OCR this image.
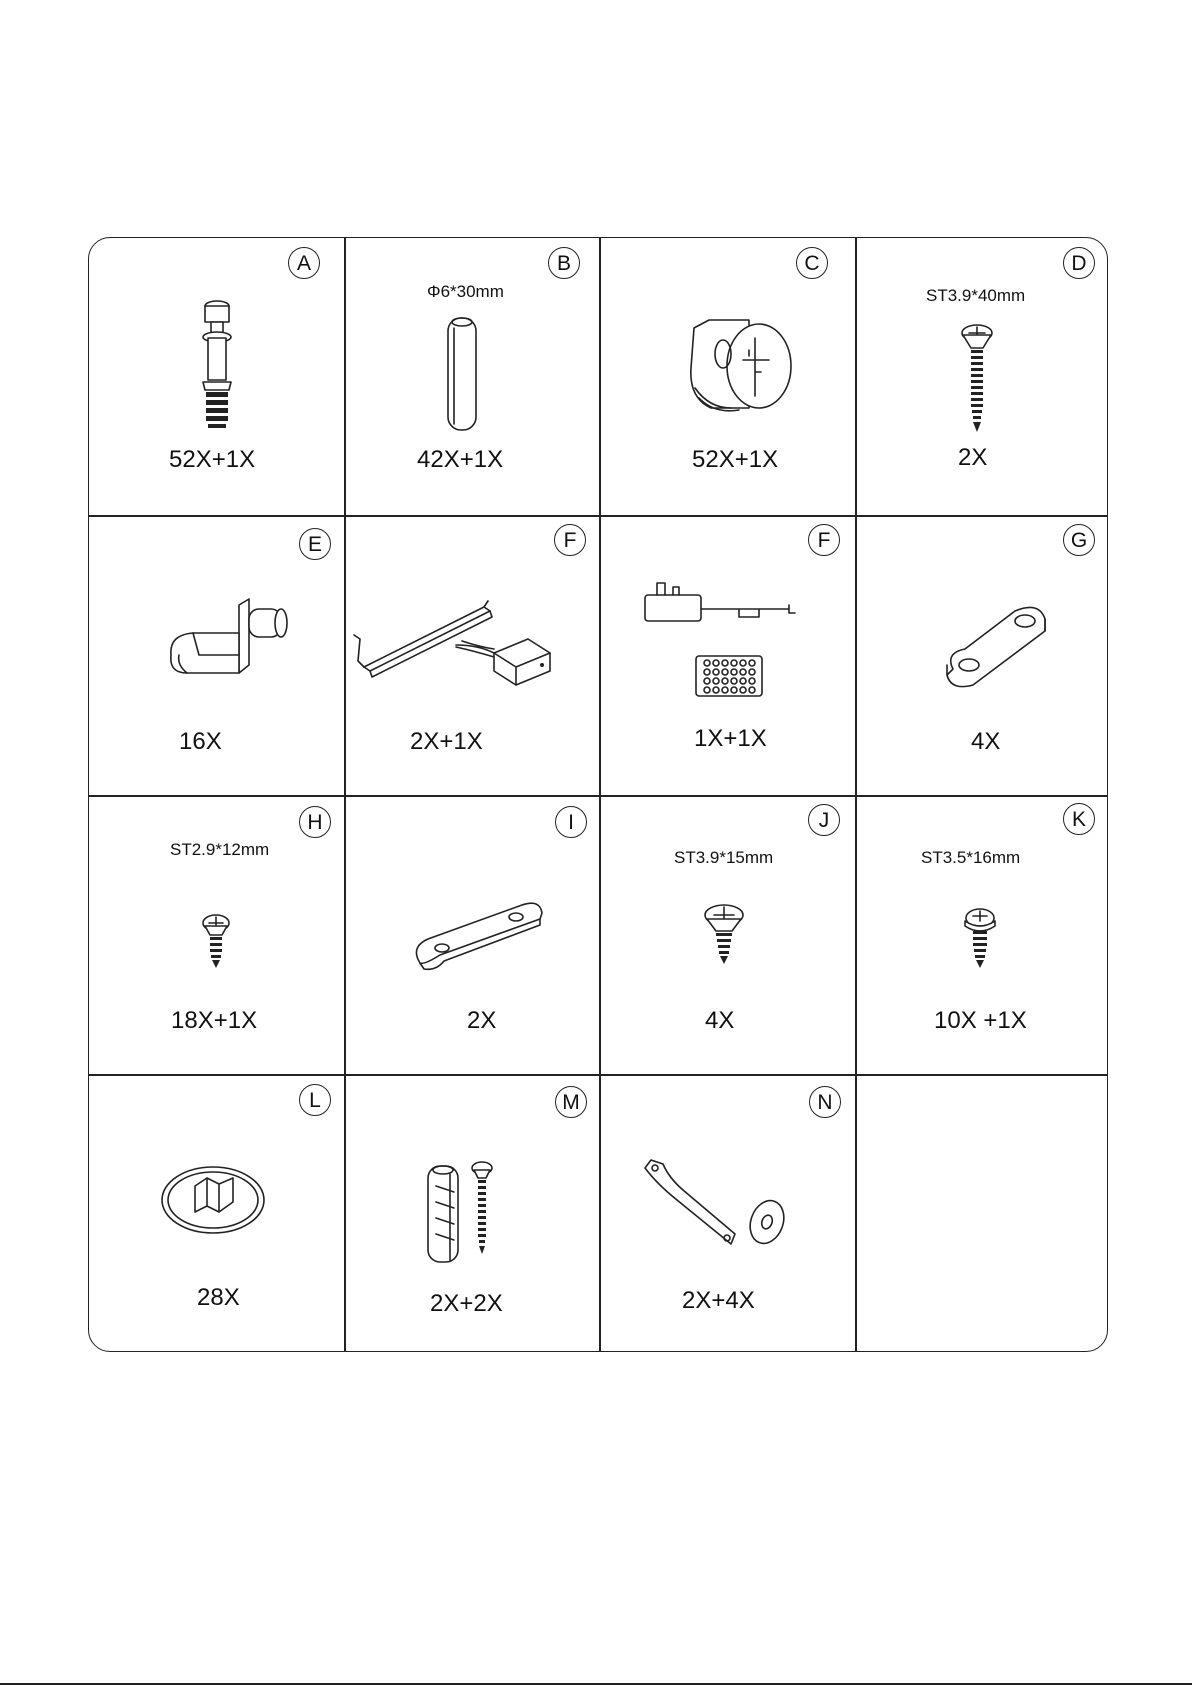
A
52X+1X
B
Φ6*30mm
42X+1X
C
52X+1X
D
ST3.9*40mm
2X
E
16X
F
2X+1X
F
1X+1X
G
4X
H
ST2.9*12mm
18X+1X
I
2X
J
ST3.9*15mm
4X
K
ST3.5*16mm
10X +1X
L
28X
M
2X+2X
N
2X+4X
